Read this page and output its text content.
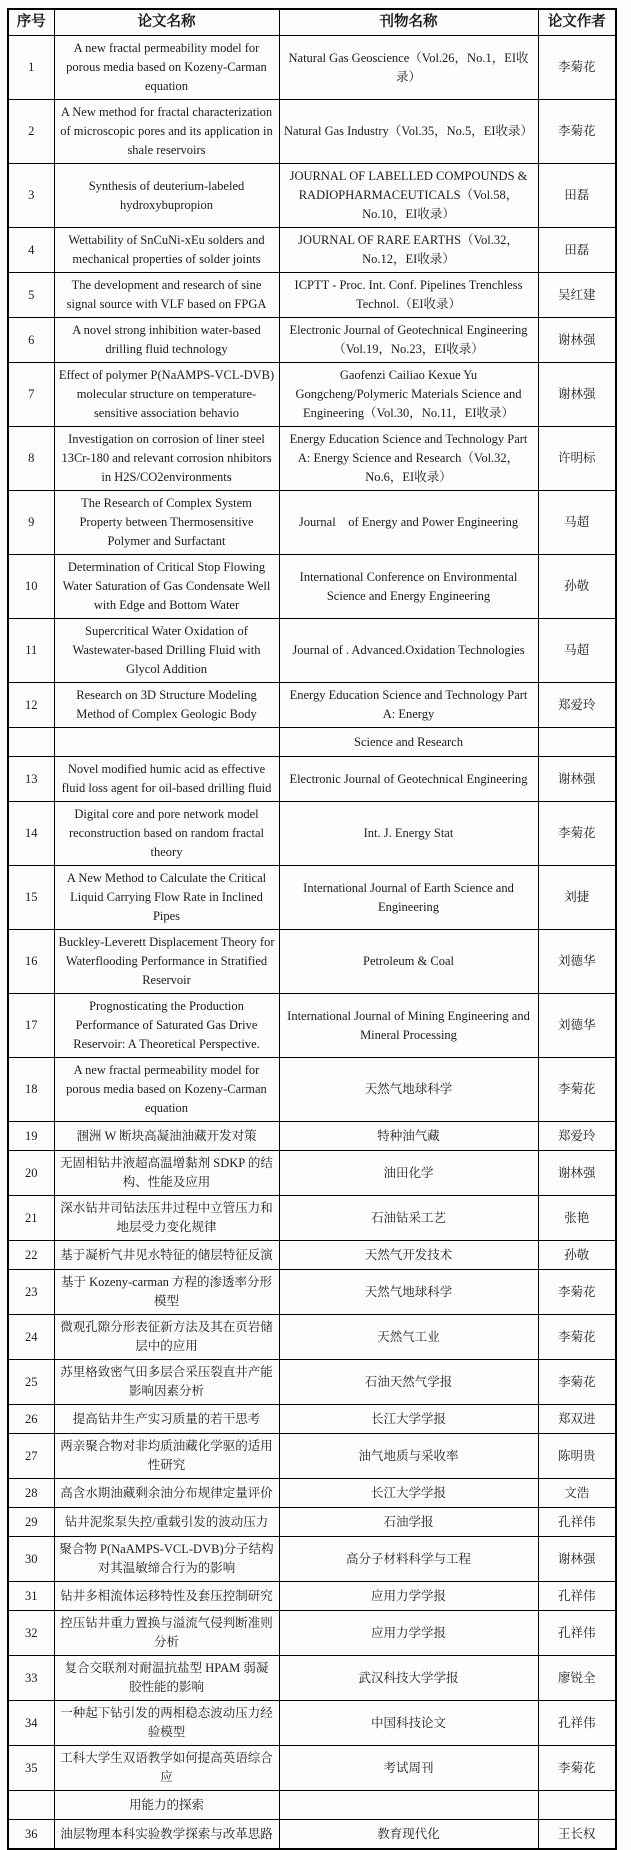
序号	论文名称	刊物名称	论文作者
1	A new fractal permeability model for porous media based on Kozeny-Carman equation	Natural Gas Geoscience（Vol.26，No.1，EI收录）	李菊花
2	A New method for fractal characterization of microscopic pores and its application in shale reservoirs	Natural Gas Industry（Vol.35，No.5，EI收录）	李菊花
3	Synthesis of deuterium-labeled hydroxybupropion	JOURNAL OF LABELLED COMPOUNDS & RADIOPHARMACEUTICALS（Vol.58，No.10，EI收录）	田磊
4	Wettability of SnCuNi-xEu solders and mechanical properties of solder joints	JOURNAL OF RARE EARTHS（Vol.32，No.12，EI收录）	田磊
5	The development and research of sine signal source with VLF based on FPGA	ICPTT - Proc. Int. Conf. Pipelines Trenchless Technol.（EI收录）	吴红建
6	A novel strong inhibition water-based drilling fluid technology	Electronic Journal of Geotechnical Engineering（Vol.19，No.23，EI收录）	谢林强
7	Effect of polymer P(NaAMPS-VCL-DVB) molecular structure on temperature-sensitive association behavio	Gaofenzi Cailiao Kexue Yu Gongcheng/Polymeric Materials Science and Engineering（Vol.30，No.11，EI收录）	谢林强
8	Investigation on corrosion of liner steel 13Cr-180 and relevant corrosion nhibitors in H2S/CO2environments	Energy Education Science and Technology Part A: Energy Science and Research（Vol.32，No.6，EI收录）	许明标
9	The Research of Complex System Property between Thermosensitive Polymer and Surfactant	Journal　of Energy and Power Engineering	马超
10	Determination of Critical Stop Flowing Water Saturation of Gas Condensate Well with Edge and Bottom Water	International Conference on Environmental Science and Energy Engineering	孙敬
11	Supercritical Water Oxidation of Wastewater-based Drilling Fluid with Glycol Addition	Journal of . Advanced.Oxidation Technologies	马超
12	Research on 3D Structure Modeling Method of Complex Geologic Body	Energy Education Science and Technology Part A: Energy	郑爱玲
		Science and Research	
13	Novel modified humic acid as effective fluid loss agent for oil-based drilling fluid	Electronic Journal of Geotechnical Engineering	谢林强
14	Digital core and pore network model reconstruction based on random fractal theory	Int. J. Energy Stat	李菊花
15	A New Method to Calculate the Critical Liquid Carrying Flow Rate in Inclined Pipes	International Journal of Earth Science and Engineering	刘捷
16	Buckley-Leverett Displacement Theory for Waterflooding Performance in Stratified Reservoir	Petroleum & Coal	刘德华
17	Prognosticating the Production Performance of Saturated Gas Drive Reservoir: A Theoretical Perspective.	International Journal of Mining Engineering and Mineral Processing	刘德华
18	A new fractal permeability model for porous media based on Kozeny-Carman equation	天然气地球科学	李菊花
19	涠洲 W 断块高凝油油藏开发对策	特种油气藏	郑爱玲
20	无固相钻井液超高温增黏剂 SDKP 的结构、性能及应用	油田化学	谢林强
21	深水钻井司钻法压井过程中立管压力和地层受力变化规律	石油钻采工艺	张艳
22	基于凝析气井见水特征的储层特征反演	天然气开发技术	孙敬
23	基于 Kozeny-carman 方程的渗透率分形模型	天然气地球科学	李菊花
24	微观孔隙分形表征新方法及其在页岩储层中的应用	天然气工业	李菊花
25	苏里格致密气田多层合采压裂直井产能影响因素分析	石油天然气学报	李菊花
26	提高钻井生产实习质量的若干思考	长江大学学报	郑双进
27	两亲聚合物对非均质油藏化学驱的适用性研究	油气地质与采收率	陈明贵
28	高含水期油藏剩余油分布规律定量评价	长江大学学报	文浩
29	钻井泥浆泵失控/重载引发的波动压力	石油学报	孔祥伟
30	聚合物 P(NaAMPS-VCL-DVB)分子结构对其温敏缔合行为的影响	高分子材料科学与工程	谢林强
31	钻井多相流体运移特性及套压控制研究	应用力学学报	孔祥伟
32	控压钻井重力置换与溢流气侵判断准则分析	应用力学学报	孔祥伟
33	复合交联剂对耐温抗盐型 HPAM 弱凝胶性能的影响	武汉科技大学学报	廖锐全
34	一种起下钻引发的两相稳态波动压力经验模型	中国科技论文	孔祥伟
35	工科大学生双语教学如何提高英语综合应	考试周刊	李菊花
	用能力的探索		
36	油层物理本科实验教学探索与改革思路	教育现代化	王长权
